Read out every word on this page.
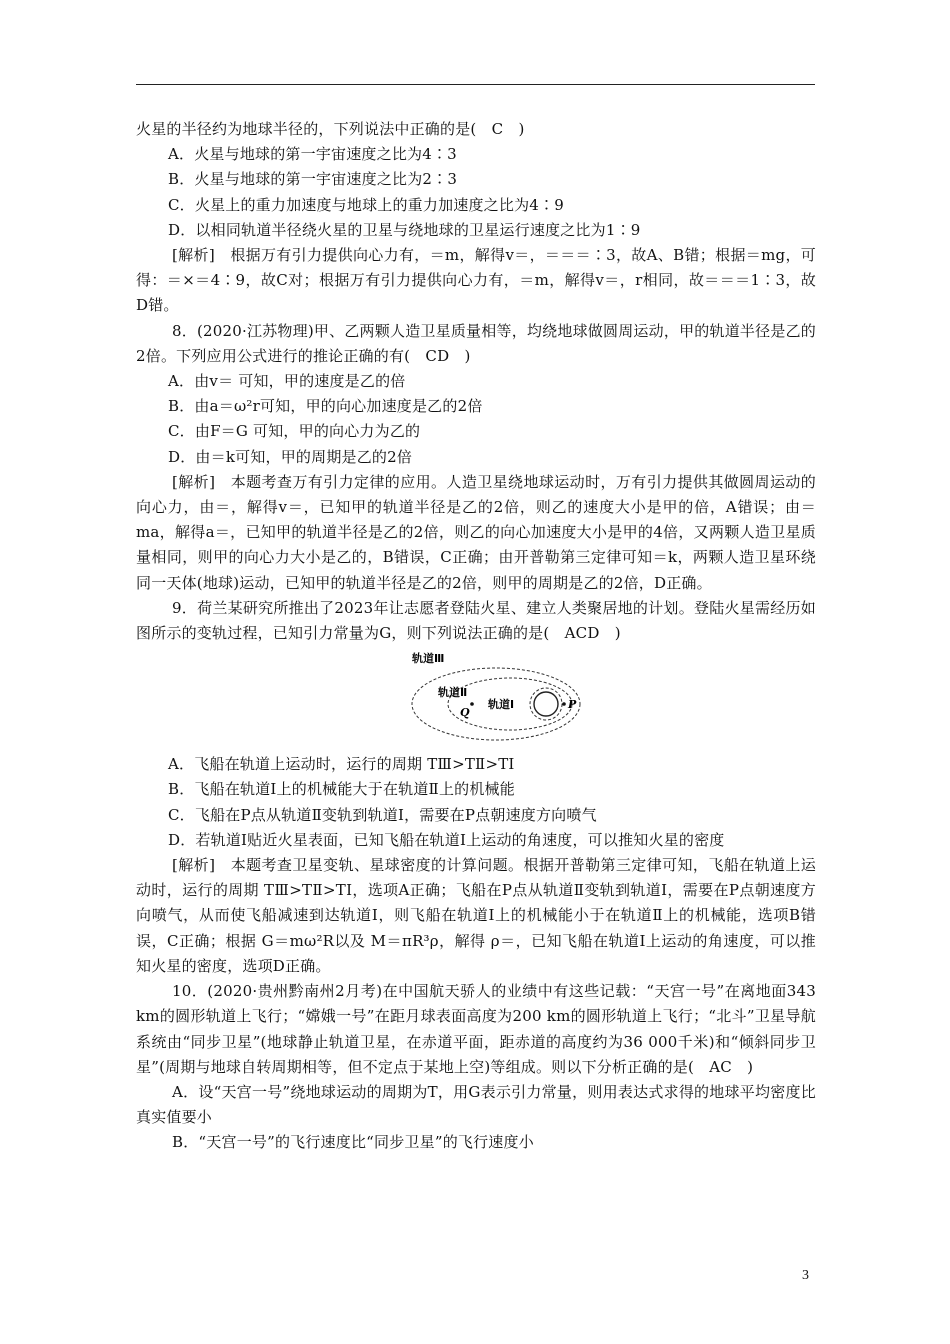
火星的半径约为地球半径的，下列说法中正确的是(　C　)

A．火星与地球的第一宇宙速度之比为4∶3

B．火星与地球的第一宇宙速度之比为2∶3

C．火星上的重力加速度与地球上的重力加速度之比为4∶9

D．以相同轨道半径绕火星的卫星与绕地球的卫星运行速度之比为1∶9

[解析]　根据万有引力提供向心力有，＝m，解得v＝，＝＝＝∶3，故A、B错；根据＝mg，可得：＝×＝4∶9，故C对；根据万有引力提供向心力有，＝m，解得v＝，r相同，故＝＝＝1∶3，故D错。

8．(2020·江苏物理)甲、乙两颗人造卫星质量相等，均绕地球做圆周运动，甲的轨道半径是乙的2倍。下列应用公式进行的推论正确的有(　CD　)

A．由v＝ 可知，甲的速度是乙的倍

B．由a＝ω²r可知，甲的向心加速度是乙的2倍

C．由F＝G 可知，甲的向心力为乙的

D．由＝k可知，甲的周期是乙的2倍

[解析]　本题考查万有引力定律的应用。人造卫星绕地球运动时，万有引力提供其做圆周运动的向心力，由＝，解得v＝，已知甲的轨道半径是乙的2倍，则乙的速度大小是甲的倍，A错误；由＝ma，解得a＝，已知甲的轨道半径是乙的2倍，则乙的向心加速度大小是甲的4倍，又两颗人造卫星质量相同，则甲的向心力大小是乙的，B错误，C正确；由开普勒第三定律可知＝k，两颗人造卫星环绕同一天体(地球)运动，已知甲的轨道半径是乙的2倍，则甲的周期是乙的2倍，D正确。

9．荷兰某研究所推出了2023年让志愿者登陆火星、建立人类聚居地的计划。登陆火星需经历如图所示的变轨过程，已知引力常量为G，则下列说法正确的是(　ACD　)

轨道Ⅲ
轨道Ⅱ
轨道Ⅰ
Q
P

A．飞船在轨道上运动时，运行的周期 TⅢ>TⅡ>TⅠ

B．飞船在轨道Ⅰ上的机械能大于在轨道Ⅱ上的机械能

C．飞船在P点从轨道Ⅱ变轨到轨道Ⅰ，需要在P点朝速度方向喷气

D．若轨道Ⅰ贴近火星表面，已知飞船在轨道Ⅰ上运动的角速度，可以推知火星的密度

[解析]　本题考查卫星变轨、星球密度的计算问题。根据开普勒第三定律可知，飞船在轨道上运动时，运行的周期 TⅢ>TⅡ>TⅠ，选项A正确；飞船在P点从轨道Ⅱ变轨到轨道Ⅰ，需要在P点朝速度方向喷气，从而使飞船减速到达轨道Ⅰ，则飞船在轨道Ⅰ上的机械能小于在轨道Ⅱ上的机械能，选项B错误，C正确；根据 G＝mω²R以及 M＝πR³ρ，解得 ρ＝，已知飞船在轨道Ⅰ上运动的角速度，可以推知火星的密度，选项D正确。

10．(2020·贵州黔南州2月考)在中国航天骄人的业绩中有这些记载：“天宫一号”在离地面343 km的圆形轨道上飞行；“嫦娥一号”在距月球表面高度为200 km的圆形轨道上飞行；“北斗”卫星导航系统由“同步卫星”(地球静止轨道卫星，在赤道平面，距赤道的高度约为36 000千米)和“倾斜同步卫星”(周期与地球自转周期相等，但不定点于某地上空)等组成。则以下分析正确的是(　AC　)

A．设“天宫一号”绕地球运动的周期为T，用G表示引力常量，则用表达式求得的地球平均密度比真实值要小

B．“天宫一号”的飞行速度比“同步卫星”的飞行速度小

3
